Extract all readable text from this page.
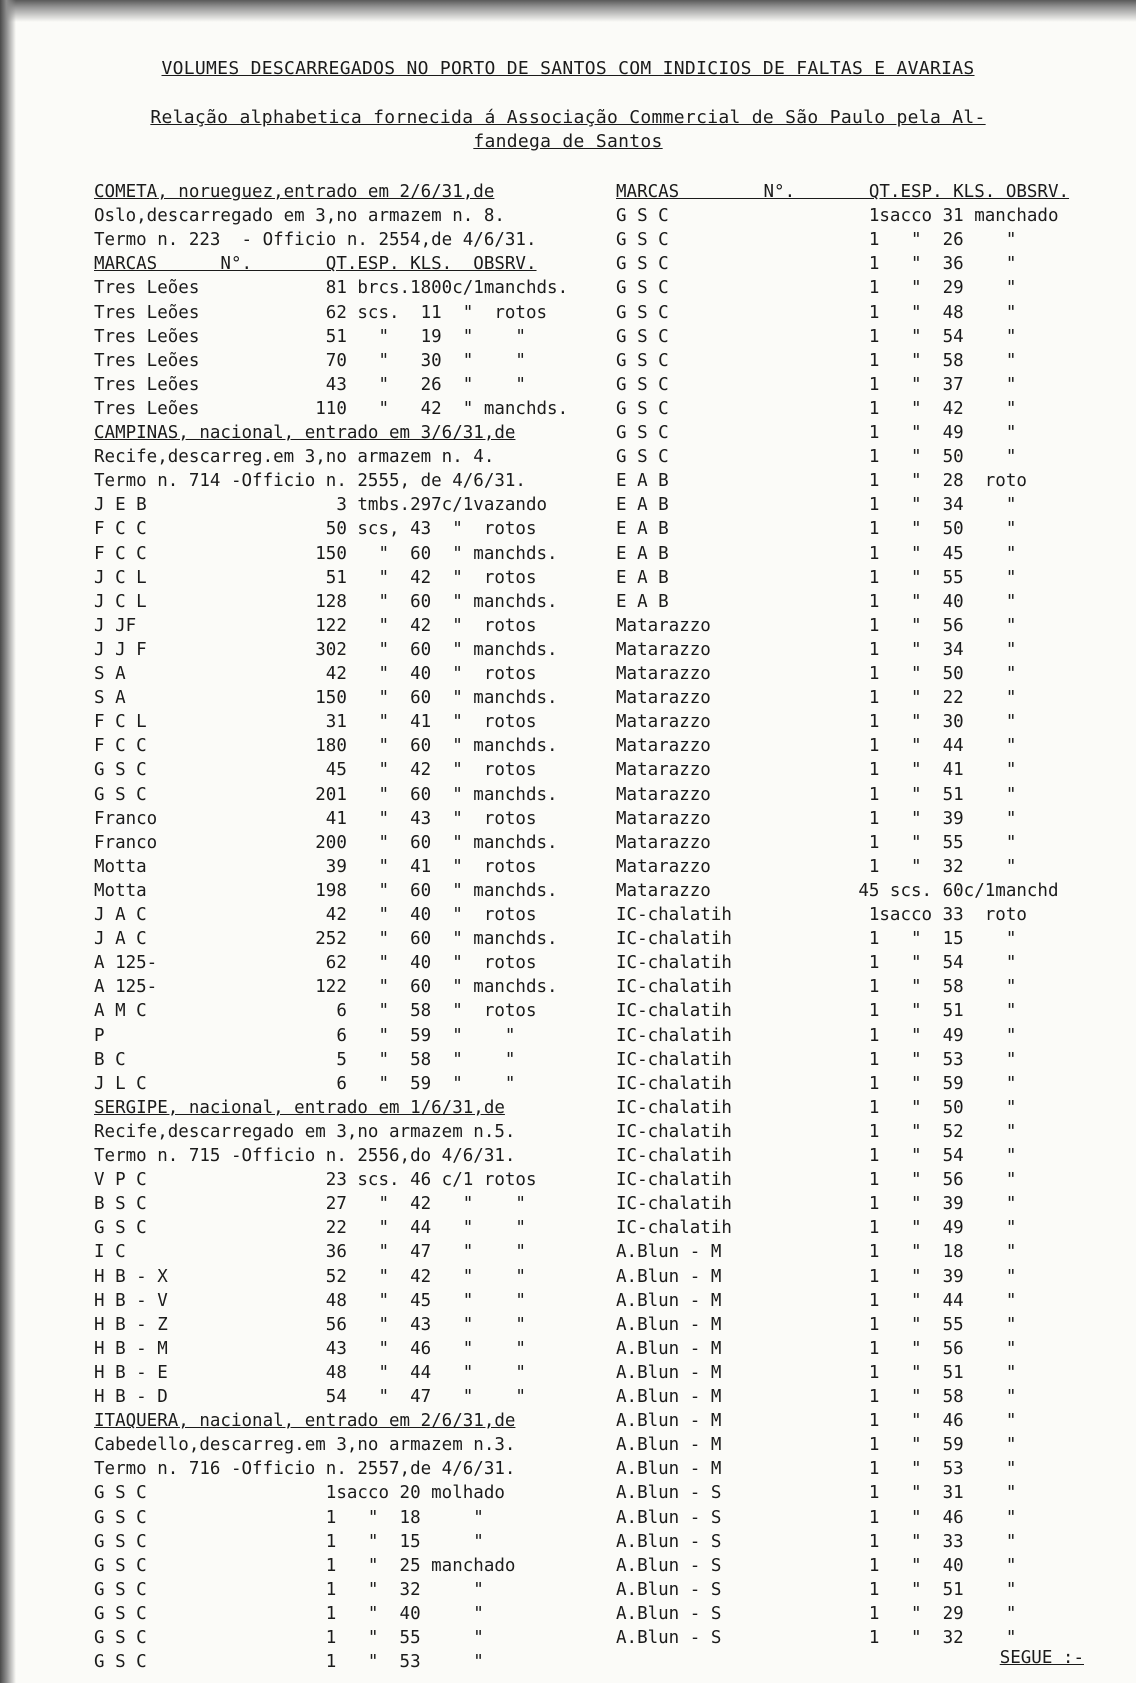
VOLUMES DESCARREGADOS NO PORTO DE SANTOS COM INDICIOS DE FALTAS E AVARIAS
Relação alphabetica fornecida á Associação Commercial de São Paulo pela Al-
fandega de Santos
COMETA, norueguez,entrado em 2/6/31,de
Oslo,descarregado em 3,no armazem n. 8.
Termo n. 223  - Officio n. 2554,de 4/6/31.
MARCAS      N°.       QT.ESP. KLS.  OBSRV.
Tres Leões            81 brcs.1800c/1manchds.
Tres Leões            62 scs.  11  "  rotos
Tres Leões            51   "   19  "    "
Tres Leões            70   "   30  "    "
Tres Leões            43   "   26  "    "
Tres Leões           110   "   42  " manchds.
CAMPINAS, nacional, entrado em 3/6/31,de
Recife,descarreg.em 3,no armazem n. 4.
Termo n. 714 -Officio n. 2555, de 4/6/31.
J E B                  3 tmbs.297c/1vazando
F C C                 50 scs, 43  "  rotos
F C C                150   "  60  " manchds.
J C L                 51   "  42  "  rotos
J C L                128   "  60  " manchds.
J JF                 122   "  42  "  rotos
J J F                302   "  60  " manchds.
S A                   42   "  40  "  rotos
S A                  150   "  60  " manchds.
F C L                 31   "  41  "  rotos
F C C                180   "  60  " manchds.
G S C                 45   "  42  "  rotos
G S C                201   "  60  " manchds.
Franco                41   "  43  "  rotos
Franco               200   "  60  " manchds.
Motta                 39   "  41  "  rotos
Motta                198   "  60  " manchds.
J A C                 42   "  40  "  rotos
J A C                252   "  60  " manchds.
A 125-                62   "  40  "  rotos
A 125-               122   "  60  " manchds.
A M C                  6   "  58  "  rotos
P                      6   "  59  "    "
B C                    5   "  58  "    "
J L C                  6   "  59  "    "
SERGIPE, nacional, entrado em 1/6/31,de
Recife,descarregado em 3,no armazem n.5.
Termo n. 715 -Officio n. 2556,do 4/6/31.
V P C                 23 scs. 46 c/1 rotos
B S C                 27   "  42   "    "
G S C                 22   "  44   "    "
I C                   36   "  47   "    "
H B - X               52   "  42   "    "
H B - V               48   "  45   "    "
H B - Z               56   "  43   "    "
H B - M               43   "  46   "    "
H B - E               48   "  44   "    "
H B - D               54   "  47   "    "
ITAQUERA, nacional, entrado em 2/6/31,de
Cabedello,descarreg.em 3,no armazem n.3.
Termo n. 716 -Officio n. 2557,de 4/6/31.
G S C                 1sacco 20 molhado
G S C                 1   "  18     "
G S C                 1   "  15     "
G S C                 1   "  25 manchado
G S C                 1   "  32     "
G S C                 1   "  40     "
G S C                 1   "  55     "
G S C                 1   "  53     "
MARCAS        N°.       QT.ESP. KLS. OBSRV.
G S C                   1sacco 31 manchado
G S C                   1   "  26    "
G S C                   1   "  36    "
G S C                   1   "  29    "
G S C                   1   "  48    "
G S C                   1   "  54    "
G S C                   1   "  58    "
G S C                   1   "  37    "
G S C                   1   "  42    "
G S C                   1   "  49    "
G S C                   1   "  50    "
E A B                   1   "  28  roto
E A B                   1   "  34    "
E A B                   1   "  50    "
E A B                   1   "  45    "
E A B                   1   "  55    "
E A B                   1   "  40    "
Matarazzo               1   "  56    "
Matarazzo               1   "  34    "
Matarazzo               1   "  50    "
Matarazzo               1   "  22    "
Matarazzo               1   "  30    "
Matarazzo               1   "  44    "
Matarazzo               1   "  41    "
Matarazzo               1   "  51    "
Matarazzo               1   "  39    "
Matarazzo               1   "  55    "
Matarazzo               1   "  32    "
Matarazzo              45 scs. 60c/1manchd
IC-chalatih             1sacco 33  roto
IC-chalatih             1   "  15    "
IC-chalatih             1   "  54    "
IC-chalatih             1   "  58    "
IC-chalatih             1   "  51    "
IC-chalatih             1   "  49    "
IC-chalatih             1   "  53    "
IC-chalatih             1   "  59    "
IC-chalatih             1   "  50    "
IC-chalatih             1   "  52    "
IC-chalatih             1   "  54    "
IC-chalatih             1   "  56    "
IC-chalatih             1   "  39    "
IC-chalatih             1   "  49    "
A.Blun - M              1   "  18    "
A.Blun - M              1   "  39    "
A.Blun - M              1   "  44    "
A.Blun - M              1   "  55    "
A.Blun - M              1   "  56    "
A.Blun - M              1   "  51    "
A.Blun - M              1   "  58    "
A.Blun - M              1   "  46    "
A.Blun - M              1   "  59    "
A.Blun - M              1   "  53    "
A.Blun - S              1   "  31    "
A.Blun - S              1   "  46    "
A.Blun - S              1   "  33    "
A.Blun - S              1   "  40    "
A.Blun - S              1   "  51    "
A.Blun - S              1   "  29    "
A.Blun - S              1   "  32    "
SEGUE :-
